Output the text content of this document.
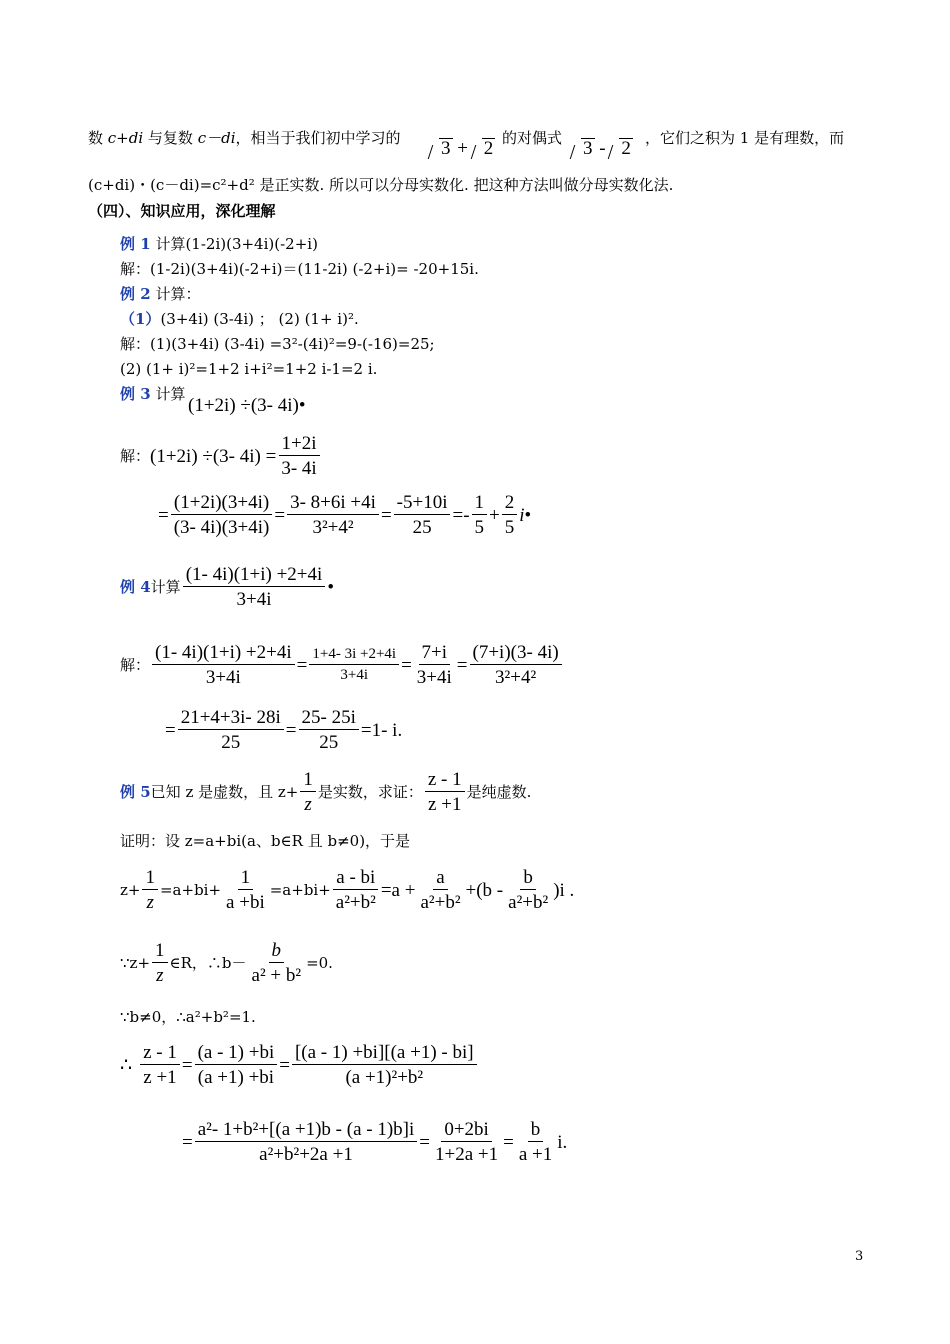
数 c+di 与复数 c－di，相当于我们初中学习的	3 + 2 的对偶式	3 - 2 ，它们之积为 1 是有理数，而
(c+di)・(c－di)=c²+d² 是正实数. 所以可以分母实数化. 把这种方法叫做分母实数化法.
（四）、知识应用，深化理解
例 1 计算(1-2i)(3+4i)(-2+i)
解：(1-2i)(3+4i)(-2+i)＝(11-2i) (-2+i)= -20+15i.
例 2 计算：
（1）(3+4i) (3-4i) ； (2) (1+ i)².
解：(1)(3+4i) (3-4i) =3²-(4i)²=9-(-16)=25;
(2) (1+ i)²=1+2 i+i²=1+2 i-1=2 i.
例 3 计算
(1+2i) ÷(3- 4i)•
解： (1+2i) ÷(3- $4i) = \frac{1+2i}{3- 4i}$
= $\frac{(1+2i)(3+4i)}{(3- 4i)(3+4i)} = \frac{3- 8+6i +4i}{\text{3²+4²}} = \frac{-5+10i}{25} =- \frac{1}{5} + \frac{2}{5}$ i •
例 4 计算 $\frac{(1- 4i)(1+i) +2+4i}{3+4i}$ •
解： $\frac{(1- 4i)(1+i) +2+4i}{3+4i} = \frac{1+4- 3i +2+4i}{3+4i} = \frac{7+i}{3+4i} = \frac{(7+i)(3- 4i)}{\text{3²+4²}}$
= $\frac{21+4+3i- 28i}{25} = \frac{25- 25i}{25} =1-$ i.
例 5 已知 z 是虚数，且 $z+ \frac{1}{z}$ 是实数，求证： $\frac{z - 1}{z +1}$ 是纯虚数.
证明：设 z=a+bi(a、b∈R 且 b≠0)，于是
$z+ \frac{1}{z} =a+bi+ \frac{1}{a +bi} =a+bi+ \frac{a - bi}{\text{a²+b²}} =a + \frac{a}{\text{a²+b²}} +(b - \frac{b}{\text{a²+b²}} )i$ .
∵z+ $\frac{1}{z}$ ∈R，∴b－ $\frac{b}{\text{a² + b²}} =0$.
∵b≠0，∴a²+b²=1.
∴ $\frac{z - 1}{z +1} = \frac{(a - 1) +bi}{(a +1) +bi} = \frac{[(a - 1) +bi][(a +1) - bi]}{\text{(a +1)²+b²}}$
= $\frac{\text{a²- 1+b²+[(a +1)b - (a - 1)b]i}}{\text{a²+b²+2a +1}} = \frac{0+2bi}{1+2a +1} = \frac{b}{a +1} i$.
3
